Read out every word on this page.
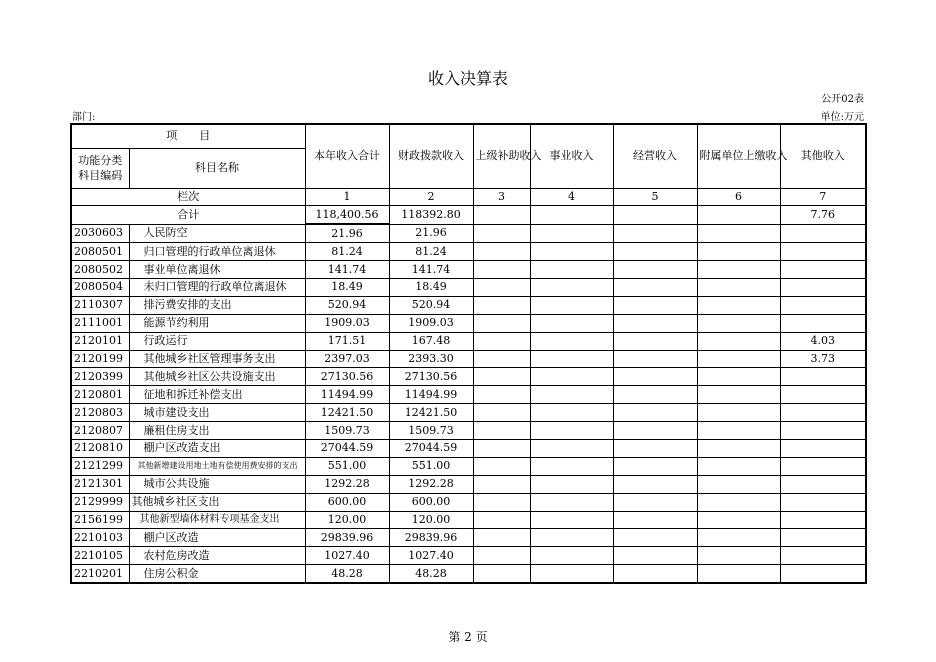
收入决算表
公开02表
部门:	单位:万元
项　　目		本年收入合计	财政拨款收入	上级补助收入	事业收入	经营收入	附属单位上缴收入	其他收入
功能分类科目编码	科目名称							
栏次		1	2	3	4	5	6	7
合计		118,400.56	118392.80					7.76
2030603	人民防空	21.96	21.96					
2080501	归口管理的行政单位离退休	81.24	81.24					
2080502	事业单位离退休	141.74	141.74					
2080504	未归口管理的行政单位离退休	18.49	18.49					
2110307	排污费安排的支出	520.94	520.94					
2111001	能源节约利用	1909.03	1909.03					
2120101	行政运行	171.51	167.48					4.03
2120199	其他城乡社区管理事务支出	2397.03	2393.30					3.73
2120399	其他城乡社区公共设施支出	27130.56	27130.56					
2120801	征地和拆迁补偿支出	11494.99	11494.99					
2120803	城市建设支出	12421.50	12421.50					
2120807	廉租住房支出	1509.73	1509.73					
2120810	棚户区改造支出	27044.59	27044.59					
2121299	其他新增建设用地土地有偿使用费安排的支出	551.00	551.00					
2121301	城市公共设施	1292.28	1292.28					
2129999	其他城乡社区支出	600.00	600.00					
2156199	其他新型墙体材料专项基金支出	120.00	120.00					
2210103	棚户区改造	29839.96	29839.96					
2210105	农村危房改造	1027.40	1027.40					
2210201	住房公积金	48.28	48.28					
第 2 页
